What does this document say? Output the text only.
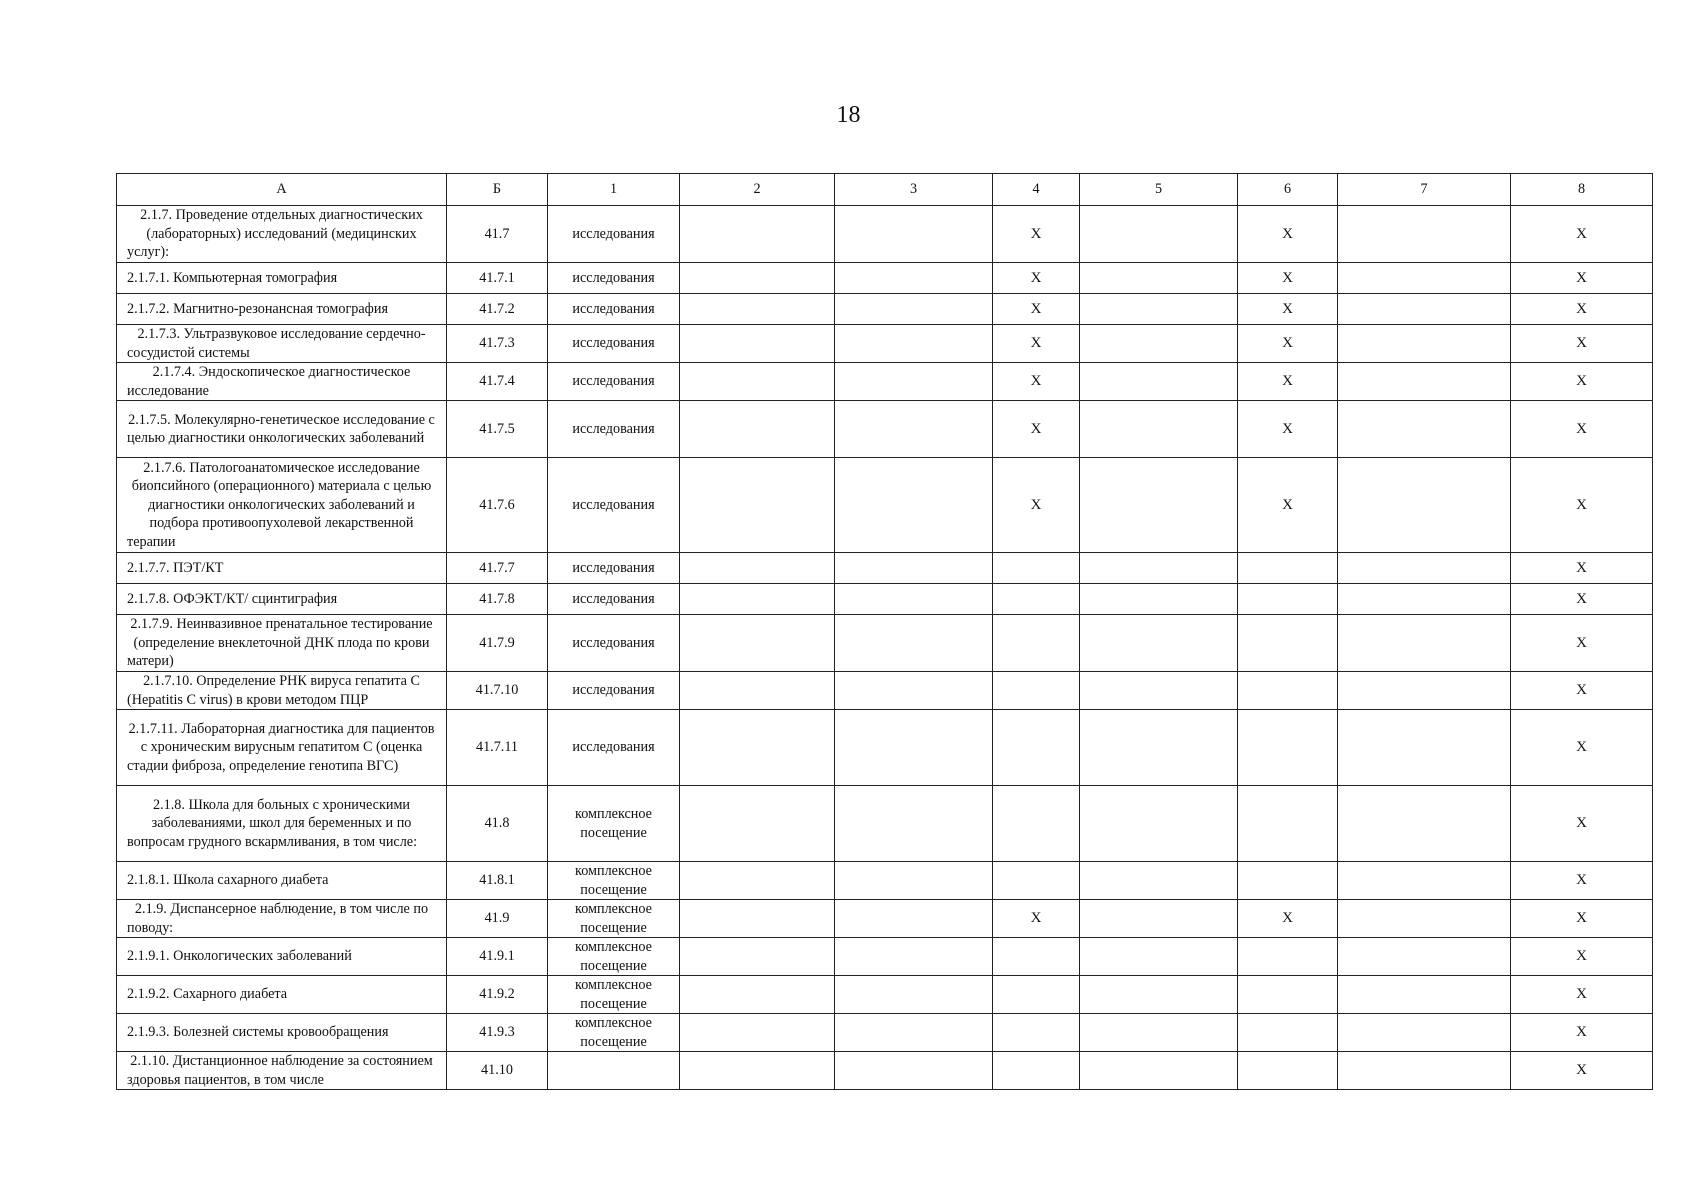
18
А	Б	1	2	3	4	5	6	7	8
2.1.7. Проведение отдельных диагностических (лабораторных) исследований (медицинских услуг):	41.7	исследования			Х		Х		Х
2.1.7.1. Компьютерная томография	41.7.1	исследования			Х		Х		Х
2.1.7.2. Магнитно-резонансная томография	41.7.2	исследования			Х		Х		Х
2.1.7.3. Ультразвуковое исследование сердечно-сосудистой системы	41.7.3	исследования			Х		Х		Х
2.1.7.4. Эндоскопическое диагностическое исследование	41.7.4	исследования			Х		Х		Х
2.1.7.5. Молекулярно-генетическое исследование с целью диагностики онкологических заболеваний	41.7.5	исследования			Х		Х		Х
2.1.7.6. Патологоанатомическое исследование биопсийного (операционного) материала с целью диагностики онкологических заболеваний и подбора противоопухолевой лекарственной терапии	41.7.6	исследования			Х		Х		Х
2.1.7.7. ПЭТ/КТ	41.7.7	исследования							Х
2.1.7.8. ОФЭКТ/КТ/ сцинтиграфия	41.7.8	исследования							Х
2.1.7.9. Неинвазивное пренатальное тестирование (определение внеклеточной ДНК плода по крови матери)	41.7.9	исследования							Х
2.1.7.10. Определение РНК вируса гепатита С (Hepatitis C virus) в крови методом ПЦР	41.7.10	исследования							Х
2.1.7.11. Лабораторная диагностика для пациентов с хроническим вирусным гепатитом С (оценка стадии фиброза, определение генотипа ВГС)	41.7.11	исследования							Х
2.1.8. Школа для больных с хроническими заболеваниями, школ для беременных и по вопросам грудного вскармливания, в том числе:	41.8	комплексное посещение							Х
2.1.8.1. Школа сахарного диабета	41.8.1	комплексное посещение							Х
2.1.9. Диспансерное наблюдение, в том числе по поводу:	41.9	комплексное посещение			Х		Х		Х
2.1.9.1. Онкологических заболеваний	41.9.1	комплексное посещение							Х
2.1.9.2. Сахарного диабета	41.9.2	комплексное посещение							Х
2.1.9.3. Болезней системы кровообращения	41.9.3	комплексное посещение							Х
2.1.10. Дистанционное наблюдение за состоянием здоровья пациентов, в том числе	41.10								Х
